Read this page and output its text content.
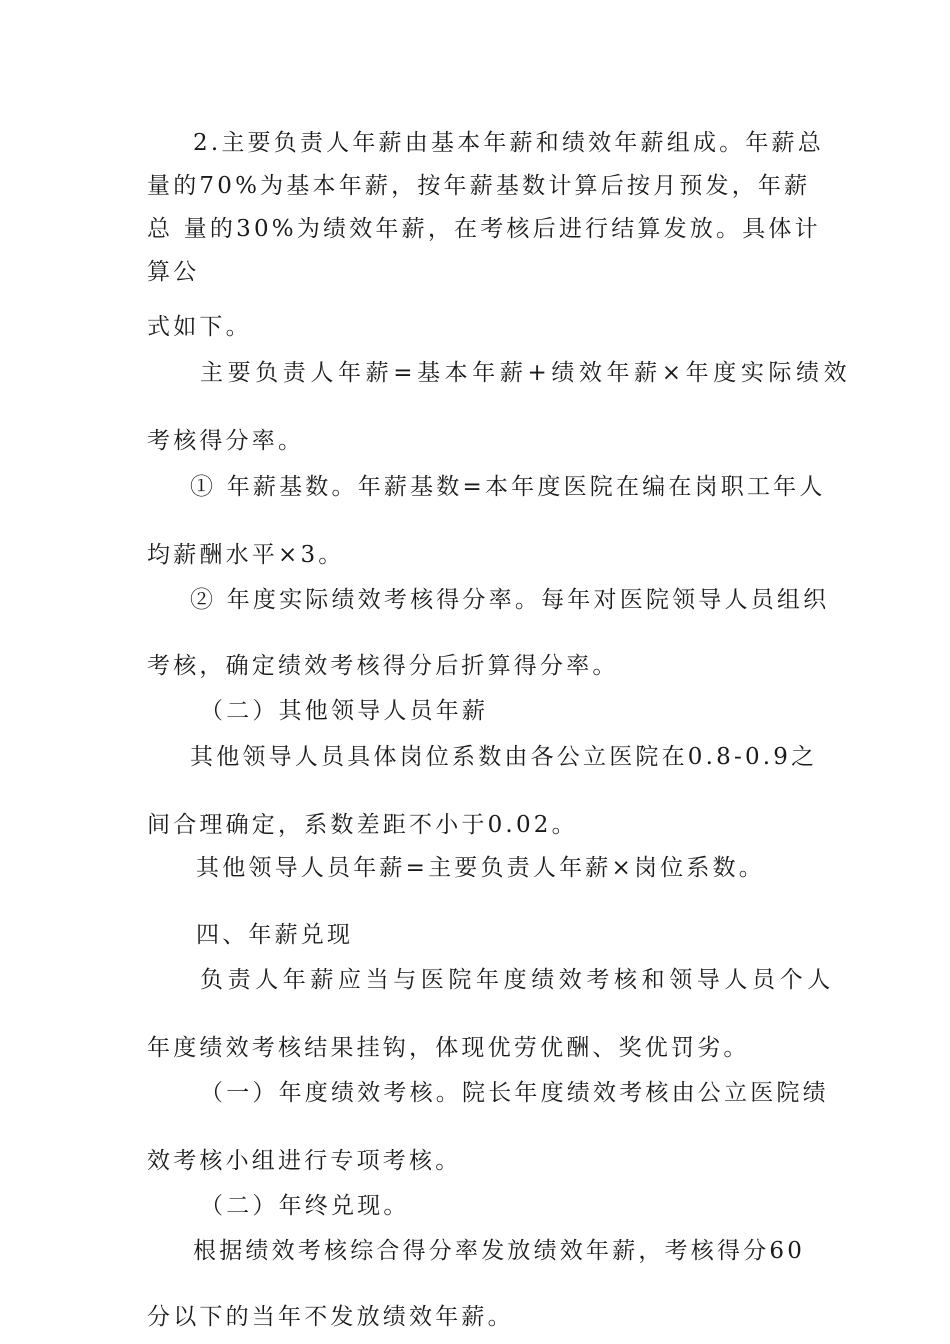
2.主要负责人年薪由基本年薪和绩效年薪组成。年薪总
量的70%为基本年薪，按年薪基数计算后按月预发，年薪
总 量的30%为绩效年薪，在考核后进行结算发放。具体计
算公
式如下。
主要负责人年薪=基本年薪+绩效年薪×年度实际绩效
考核得分率。
① 年薪基数。年薪基数=本年度医院在编在岗职工年人
均薪酬水平×3。
② 年度实际绩效考核得分率。每年对医院领导人员组织
考核，确定绩效考核得分后折算得分率。
（二）其他领导人员年薪
其他领导人员具体岗位系数由各公立医院在0.8-0.9之
间合理确定，系数差距不小于0.02。
其他领导人员年薪=主要负责人年薪×岗位系数。
四、年薪兑现
负责人年薪应当与医院年度绩效考核和领导人员个人
年度绩效考核结果挂钩，体现优劳优酬、奖优罚劣。
（一）年度绩效考核。院长年度绩效考核由公立医院绩
效考核小组进行专项考核。
（二）年终兑现。
根据绩效考核综合得分率发放绩效年薪，考核得分60
分以下的当年不发放绩效年薪。
